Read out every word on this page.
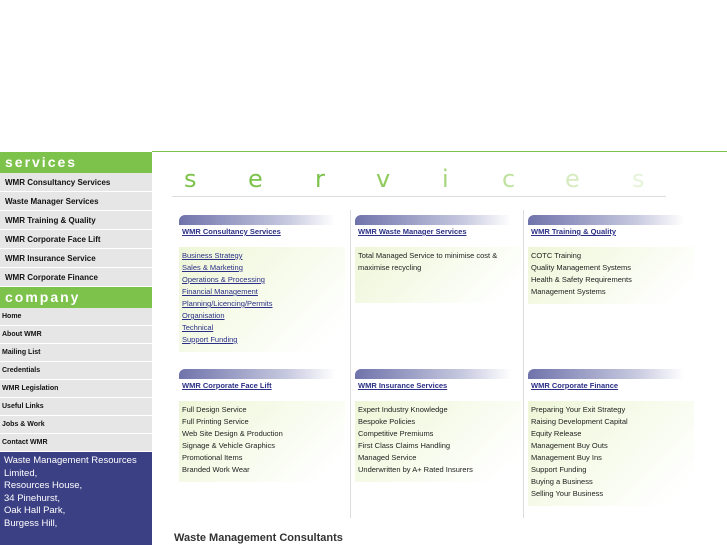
services
WMR Consultancy Services
Waste Manager Services
WMR Training & Quality
WMR Corporate Face Lift
WMR Insurance Service
WMR Corporate Finance
company
Home
About WMR
Mailing List
Credentials
WMR Legislation
Useful Links
Jobs & Work
Contact WMR
Waste Management Resources
Limited,
Resources House,
34 Pinehurst,
Oak Hall Park,
Burgess Hill,
s e r v i c e s
WMR Consultancy Services
Business Strategy
Sales & Marketing
Operations & Processing
Financial Management
Planning/Licencing/Permits
Organisation
Technical
Support Funding
WMR Waste Manager Services
Total Managed Service to minimise cost & maximise recycling
WMR Training & Quality
COTC Training
Quality Management Systems
Health & Safety Requirements
Management Systems
WMR Corporate Face Lift
Full Design Service
Full Printing Service
Web Site Design & Production
Signage & Vehicle Graphics
Promotional Items
Branded Work Wear
WMR Insurance Services
Expert Industry Knowledge
Bespoke Policies
Competitive Premiums
First Class Claims Handling
Managed Service
Underwritten by A+ Rated Insurers
WMR Corporate Finance
Preparing Your Exit Strategy
Raising Development Capital
Equity Release
Management Buy Outs
Management Buy Ins
Support Funding
Buying a Business
Selling Your Business
Waste Management Consultants
